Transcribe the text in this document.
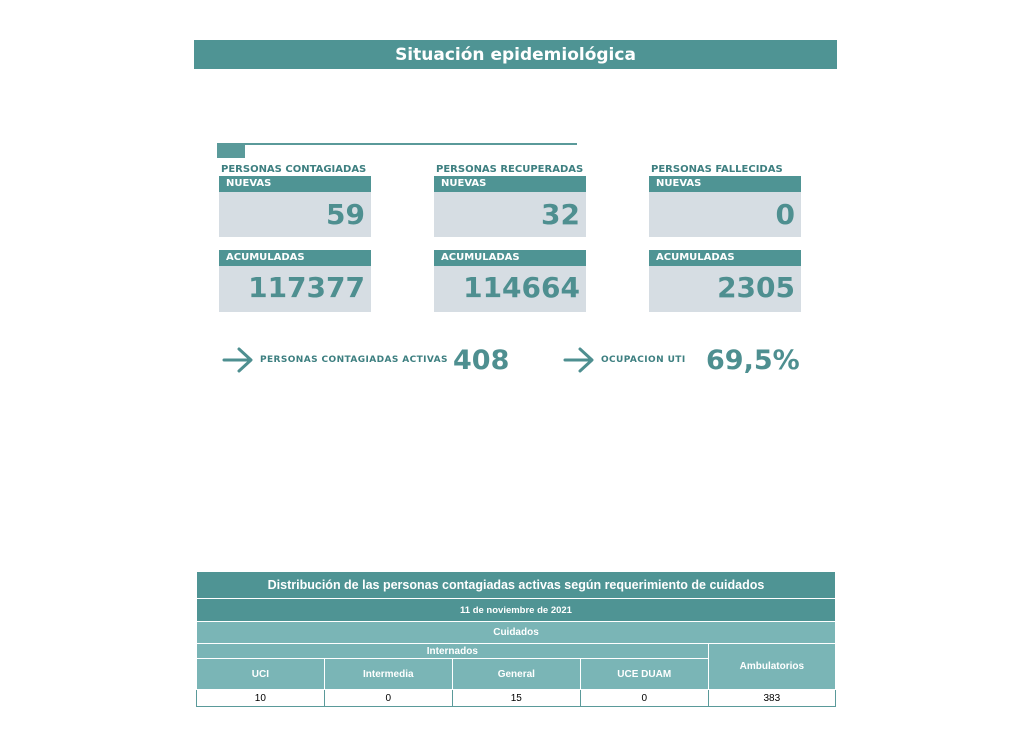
Situación epidemiológica
PERSONAS CONTAGIADAS
NUEVAS
59
ACUMULADAS
117377
PERSONAS RECUPERADAS
NUEVAS
32
ACUMULADAS
114664
PERSONAS FALLECIDAS
NUEVAS
0
ACUMULADAS
2305
PERSONAS CONTAGIADAS ACTIVAS 408	OCUPACION UTI 69,5%
Distribución de las personas contagiadas activas según requerimiento de cuidados				
11 de noviembre de 2021				
Cuidados				
Internados				Ambulatorios
UCI	Intermedia	General	UCE DUAM	
10	0	15	0	383
